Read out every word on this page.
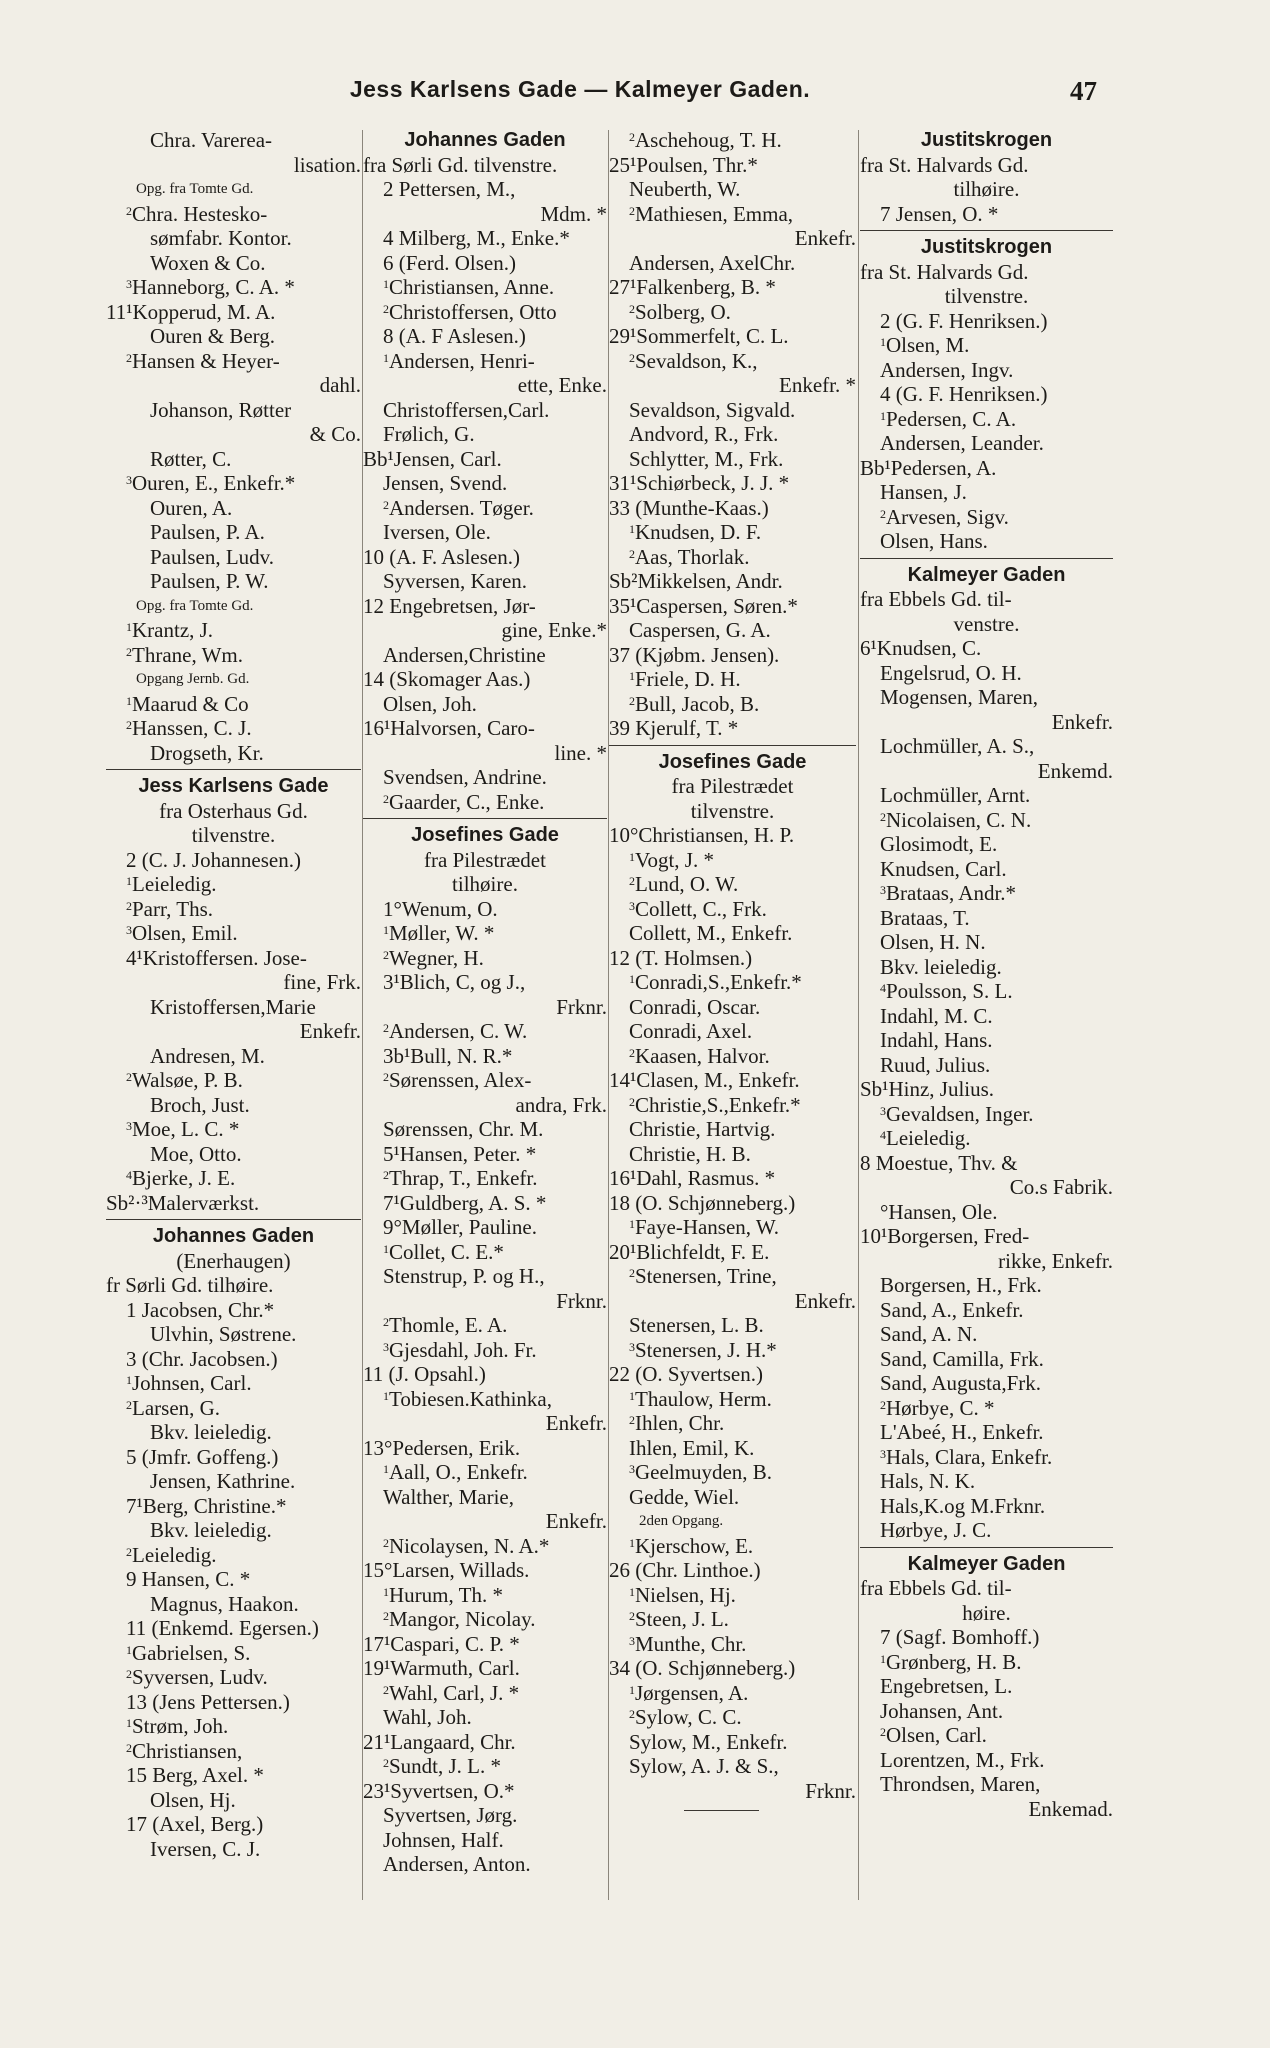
Jess Karlsens Gade — Kalmeyer Gaden.	47
Chra. Varerea-
lisation.
Opg. fra Tomte Gd.
$^2$Chra. Hestesko-
sømfabr. Kontor.
Woxen & Co.
$^3$Hanneborg, C. A. *
11¹Kopperud, M. A.
Ouren & Berg.
$^2$Hansen & Heyer-
dahl.
Johanson, Røtter
& Co.
Røtter, C.
$^3$Ouren, E., Enkefr.*
Ouren, A.
Paulsen, P. A.
Paulsen, Ludv.
Paulsen, P. W.
Opg. fra Tomte Gd.
$^1$Krantz, J.
$^2$Thrane, Wm.
Opgang Jernb. Gd.
$^1$Maarud & Co
$^2$Hanssen, C. J.
Drogseth, Kr.
Jess Karlsens Gade
fra Osterhaus Gd.
tilvenstre.
2 (C. J. Johannesen.)
$^1$Leieledig.
$^2$Parr, Ths.
$^3$Olsen, Emil.
4¹Kristoffersen. Jose-
fine, Frk.
Kristoffersen,Marie
Enkefr.
Andresen, M.
$^2$Walsøe, P. B.
Broch, Just.
$^3$Moe, L. C. *
Moe, Otto.
$^4$Bjerke, J. E.
Sb²·³Malerværkst.
Johannes Gaden
(Enerhaugen)
fr Sørli Gd. tilhøire.
1 Jacobsen, Chr.*
Ulvhin, Søstrene.
3 (Chr. Jacobsen.)
$^1$Johnsen, Carl.
$^2$Larsen, G.
Bkv. leieledig.
5 (Jmfr. Goffeng.)
Jensen, Kathrine.
7¹Berg, Christine.*
Bkv. leieledig.
$^2$Leieledig.
9 Hansen, C. *
Magnus, Haakon.
11 (Enkemd. Egersen.)
$^1$Gabrielsen, S.
$^2$Syversen, Ludv.
13 (Jens Pettersen.)
$^1$Strøm, Joh.
$^2$Christiansen,
15 Berg, Axel. *
Olsen, Hj.
17 (Axel, Berg.)
Iversen, C. J.
Johannes Gaden
fra Sørli Gd. tilvenstre.
2 Pettersen, M.,
Mdm. *
4 Milberg, M., Enke.*
6 (Ferd. Olsen.)
$^1$Christiansen, Anne.
$^2$Christoffersen, Otto
8 (A. F Aslesen.)
$^1$Andersen, Henri-
ette, Enke.
Christoffersen,Carl.
Frølich, G.
Bb¹Jensen, Carl.
Jensen, Svend.
$^2$Andersen. Tøger.
Iversen, Ole.
10 (A. F. Aslesen.)
Syversen, Karen.
12 Engebretsen, Jør-
gine, Enke.*
Andersen,Christine
14 (Skomager Aas.)
Olsen, Joh.
16¹Halvorsen, Caro-
line. *
Svendsen, Andrine.
$^2$Gaarder, C., Enke.
Josefines Gade
fra Pilestrædet
tilhøire.
1°Wenum, O.
$^1$Møller, W. *
$^2$Wegner, H.
3¹Blich, C, og J.,
Frknr.
$^2$Andersen, C. W.
3b¹Bull, N. R.*
$^2$Sørenssen, Alex-
andra, Frk.
Sørenssen, Chr. M.
5¹Hansen, Peter. *
$^2$Thrap, T., Enkefr.
7¹Guldberg, A. S. *
9°Møller, Pauline.
$^1$Collet, C. E.*
Stenstrup, P. og H.,
Frknr.
$^2$Thomle, E. A.
$^3$Gjesdahl, Joh. Fr.
11 (J. Opsahl.)
$^1$Tobiesen.Kathinka,
Enkefr.
13°Pedersen, Erik.
$^1$Aall, O., Enkefr.
Walther, Marie,
Enkefr.
$^2$Nicolaysen, N. A.*
15°Larsen, Willads.
$^1$Hurum, Th. *
$^2$Mangor, Nicolay.
17¹Caspari, C. P. *
19¹Warmuth, Carl.
$^2$Wahl, Carl, J. *
Wahl, Joh.
21¹Langaard, Chr.
$^2$Sundt, J. L. *
23¹Syvertsen, O.*
Syvertsen, Jørg.
Johnsen, Half.
Andersen, Anton.
$^2$Aschehoug, T. H.
25¹Poulsen, Thr.*
Neuberth, W.
$^2$Mathiesen, Emma,
Enkefr.
Andersen, AxelChr.
27¹Falkenberg, B. *
$^2$Solberg, O.
29¹Sommerfelt, C. L.
$^2$Sevaldson, K.,
Enkefr. *
Sevaldson, Sigvald.
Andvord, R., Frk.
Schlytter, M., Frk.
31¹Schiørbeck, J. J. *
33 (Munthe-Kaas.)
$^1$Knudsen, D. F.
$^2$Aas, Thorlak.
Sb²Mikkelsen, Andr.
35¹Caspersen, Søren.*
Caspersen, G. A.
37 (Kjøbm. Jensen).
$^1$Friele, D. H.
$^2$Bull, Jacob, B.
39 Kjerulf, T. *
Josefines Gade
fra Pilestrædet
tilvenstre.
10°Christiansen, H. P.
$^1$Vogt, J. *
$^2$Lund, O. W.
$^3$Collett, C., Frk.
Collett, M., Enkefr.
12 (T. Holmsen.)
$^1$Conradi,S.,Enkefr.*
Conradi, Oscar.
Conradi, Axel.
$^2$Kaasen, Halvor.
14¹Clasen, M., Enkefr.
$^2$Christie,S.,Enkefr.*
Christie, Hartvig.
Christie, H. B.
16¹Dahl, Rasmus. *
18 (O. Schjønneberg.)
$^1$Faye-Hansen, W.
20¹Blichfeldt, F. E.
$^2$Stenersen, Trine,
Enkefr.
Stenersen, L. B.
$^3$Stenersen, J. H.*
22 (O. Syvertsen.)
$^1$Thaulow, Herm.
$^2$Ihlen, Chr.
Ihlen, Emil, K.
$^3$Geelmuyden, B.
Gedde, Wiel.
2den Opgang.
$^1$Kjerschow, E.
26 (Chr. Linthoe.)
$^1$Nielsen, Hj.
$^2$Steen, J. L.
$^3$Munthe, Chr.
34 (O. Schjønneberg.)
$^1$Jørgensen, A.
$^2$Sylow, C. C.
Sylow, M., Enkefr.
Sylow, A. J. & S.,
Frknr.
Justitskrogen
fra St. Halvards Gd.
tilhøire.
7 Jensen, O. *
Justitskrogen
fra St. Halvards Gd.
tilvenstre.
2 (G. F. Henriksen.)
$^1$Olsen, M.
Andersen, Ingv.
4 (G. F. Henriksen.)
$^1$Pedersen, C. A.
Andersen, Leander.
Bb¹Pedersen, A.
Hansen, J.
$^2$Arvesen, Sigv.
Olsen, Hans.
Kalmeyer Gaden
fra Ebbels Gd. til-
venstre.
6¹Knudsen, C.
Engelsrud, O. H.
Mogensen, Maren,
Enkefr.
Lochmüller, A. S.,
Enkemd.
Lochmüller, Arnt.
$^2$Nicolaisen, C. N.
Glosimodt, E.
Knudsen, Carl.
$^3$Brataas, Andr.*
Brataas, T.
Olsen, H. N.
Bkv. leieledig.
$^4$Poulsson, S. L.
Indahl, M. C.
Indahl, Hans.
Ruud, Julius.
Sb¹Hinz, Julius.
$^3$Gevaldsen, Inger.
$^4$Leieledig.
8 Moestue, Thv. &
Co.s Fabrik.
°Hansen, Ole.
10¹Borgersen, Fred-
rikke, Enkefr.
Borgersen, H., Frk.
Sand, A., Enkefr.
Sand, A. N.
Sand, Camilla, Frk.
Sand, Augusta,Frk.
$^2$Hørbye, C. *
L'Abeé, H., Enkefr.
$^3$Hals, Clara, Enkefr.
Hals, N. K.
Hals,K.og M.Frknr.
Hørbye, J. C.
Kalmeyer Gaden
fra Ebbels Gd. til-
høire.
7 (Sagf. Bomhoff.)
$^1$Grønberg, H. B.
Engebretsen, L.
Johansen, Ant.
$^2$Olsen, Carl.
Lorentzen, M., Frk.
Throndsen, Maren,
Enkemad.
